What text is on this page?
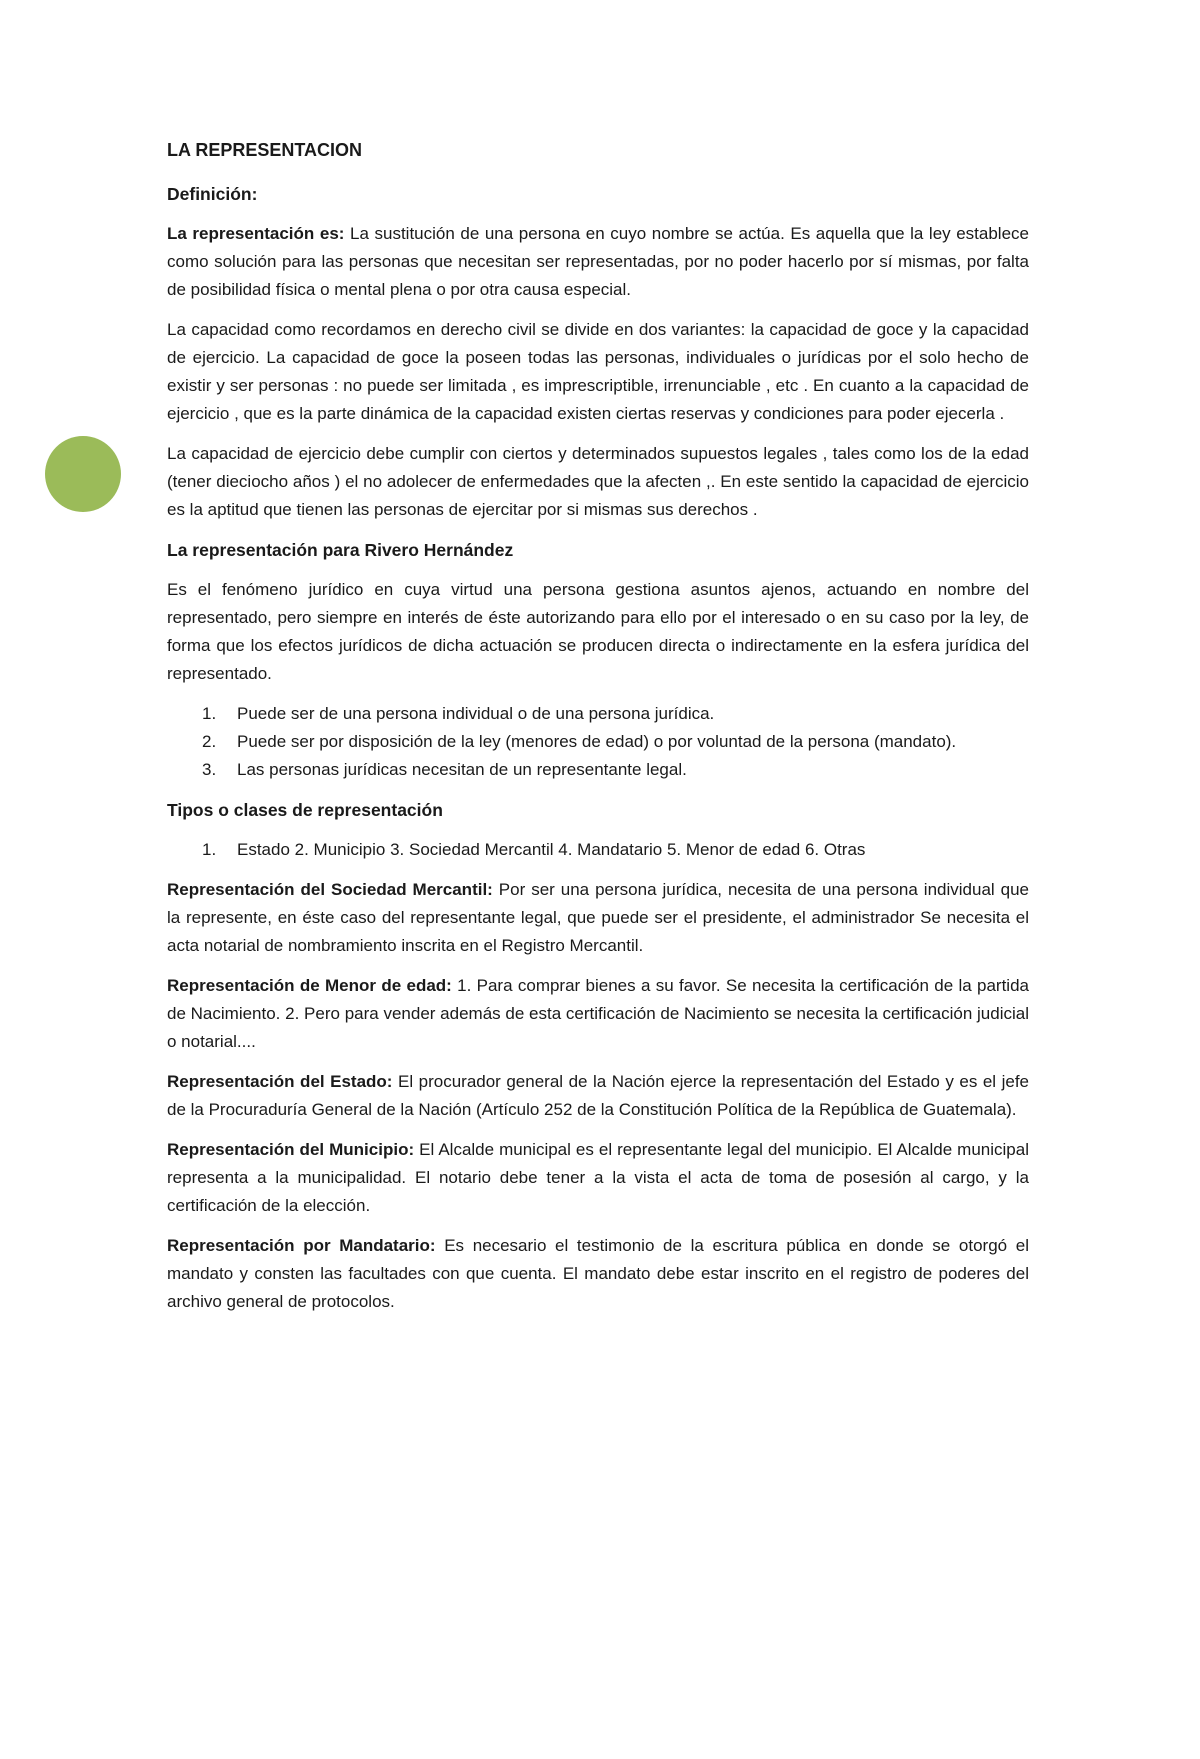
LA REPRESENTACION

Definición:

La representación es: La sustitución de una persona en cuyo nombre se actúa. Es aquella que la ley establece como solución para las personas que necesitan ser representadas, por no poder hacerlo por sí mismas, por falta de posibilidad física o mental plena o por otra causa especial.

La capacidad como recordamos en derecho civil se divide en dos variantes: la capacidad de goce y la capacidad de ejercicio. La capacidad de goce la poseen todas las personas, individuales o jurídicas por el solo hecho de existir y ser personas : no puede ser limitada , es imprescriptible, irrenunciable , etc . En cuanto a la capacidad de ejercicio , que es la parte dinámica de la capacidad existen ciertas reservas y condiciones para poder ejecerla .

La capacidad de ejercicio debe cumplir con ciertos y determinados supuestos legales , tales como los de la edad (tener dieciocho años ) el no adolecer de enfermedades que la afecten ,. En este sentido la capacidad de ejercicio es la aptitud que tienen las personas de ejercitar por si mismas sus derechos .

La representación para Rivero Hernández

Es el fenómeno jurídico en cuya virtud una persona gestiona asuntos ajenos, actuando en nombre del representado, pero siempre en interés de éste autorizando para ello por el interesado o en su caso por la ley, de forma que los efectos jurídicos de dicha actuación se producen directa o indirectamente en la esfera jurídica del representado.

1. Puede ser de una persona individual o de una persona jurídica.
2. Puede ser por disposición de la ley (menores de edad) o por voluntad de la persona (mandato).
3. Las personas jurídicas necesitan de un representante legal.

Tipos o clases de representación

1. Estado 2. Municipio 3. Sociedad Mercantil 4. Mandatario 5. Menor de edad 6. Otras

Representación del Sociedad Mercantil: Por ser una persona jurídica, necesita de una persona individual que la represente, en éste caso del representante legal, que puede ser el presidente, el administrador Se necesita el acta notarial de nombramiento inscrita en el Registro Mercantil.

Representación de Menor de edad: 1. Para comprar bienes a su favor. Se necesita la certificación de la partida de Nacimiento. 2. Pero para vender además de esta certificación de Nacimiento se necesita la certificación judicial o notarial....

Representación del Estado: El procurador general de la Nación ejerce la representación del Estado y es el jefe de la Procuraduría General de la Nación (Artículo 252 de la Constitución Política de la República de Guatemala).

Representación del Municipio: El Alcalde municipal es el representante legal del municipio. El Alcalde municipal representa a la municipalidad. El notario debe tener a la vista el acta de toma de posesión al cargo, y la certificación de la elección.

Representación por Mandatario: Es necesario el testimonio de la escritura pública en donde se otorgó el mandato y consten las facultades con que cuenta. El mandato debe estar inscrito en el registro de poderes del archivo general de protocolos.
